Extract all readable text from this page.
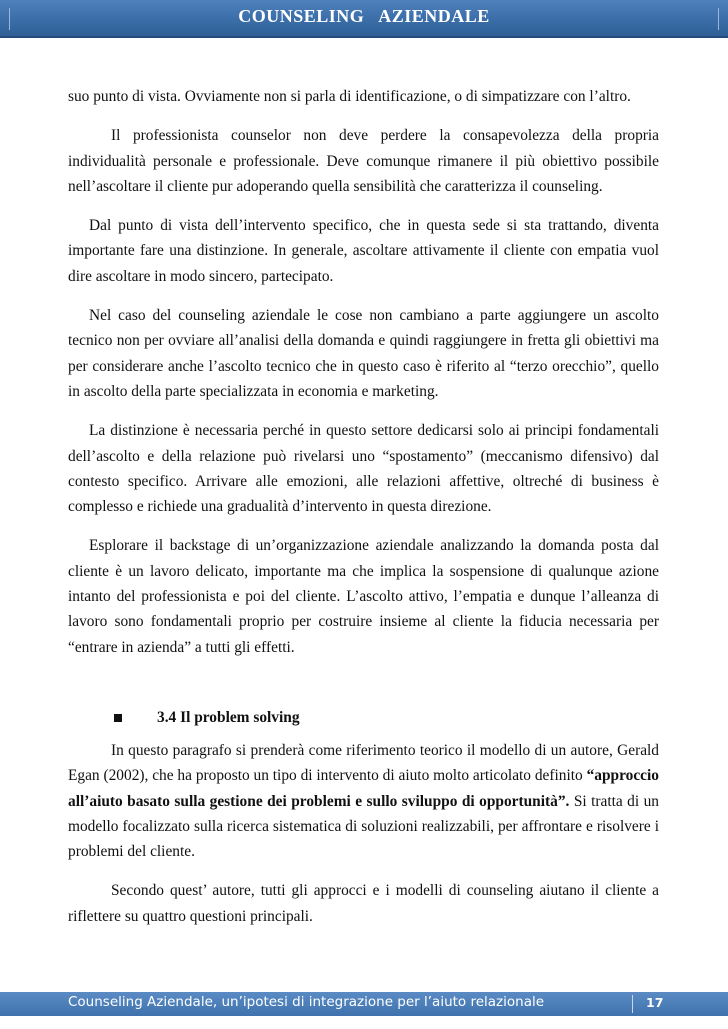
COUNSELING   AZIENDALE

suo punto di vista. Ovviamente non si parla di identificazione, o di simpatizzare con l’altro.

Il professionista counselor non deve perdere la consapevolezza della propria individualità personale e professionale. Deve comunque rimanere il più obiettivo possibile nell’ascoltare il cliente pur adoperando quella sensibilità che caratterizza il counseling.

Dal punto di vista dell’intervento specifico, che in questa sede si sta trattando, diventa importante fare una distinzione. In generale, ascoltare attivamente il cliente con empatia vuol dire ascoltare in modo sincero, partecipato.

Nel caso del counseling aziendale le cose non cambiano a parte aggiungere un ascolto tecnico non per ovviare all’analisi della domanda e quindi raggiungere in fretta gli obiettivi ma per considerare anche l’ascolto tecnico che in questo caso è riferito al “terzo orecchio”, quello in ascolto della parte specializzata in economia e marketing.

La distinzione è necessaria perché in questo settore dedicarsi solo ai principi fondamentali dell’ascolto e della relazione può rivelarsi uno “spostamento” (meccanismo difensivo) dal contesto specifico. Arrivare alle emozioni, alle relazioni affettive, oltreché di business è complesso e richiede una gradualità d’intervento in questa direzione.

Esplorare il backstage di un’organizzazione aziendale analizzando la domanda posta dal cliente è un lavoro delicato, importante ma che implica la sospensione di qualunque azione intanto del professionista e poi del cliente. L’ascolto attivo, l’empatia e dunque l’alleanza di lavoro sono fondamentali proprio per costruire insieme al cliente la fiducia necessaria per “entrare in azienda” a tutti gli effetti.

3.4 Il problem solving

In questo paragrafo si prenderà come riferimento teorico il modello di un autore, Gerald Egan (2002), che ha proposto un tipo di intervento di aiuto molto articolato definito “approccio all’aiuto basato sulla gestione dei problemi e sullo sviluppo di opportunità”. Si tratta di un modello focalizzato sulla ricerca sistematica di soluzioni realizzabili, per affrontare e risolvere i problemi del cliente.

Secondo quest’ autore, tutti gli approcci e i modelli di counseling aiutano il cliente a riflettere su quattro questioni principali.

Counseling Aziendale, un’ipotesi di integrazione per l’aiuto relazionale	17
